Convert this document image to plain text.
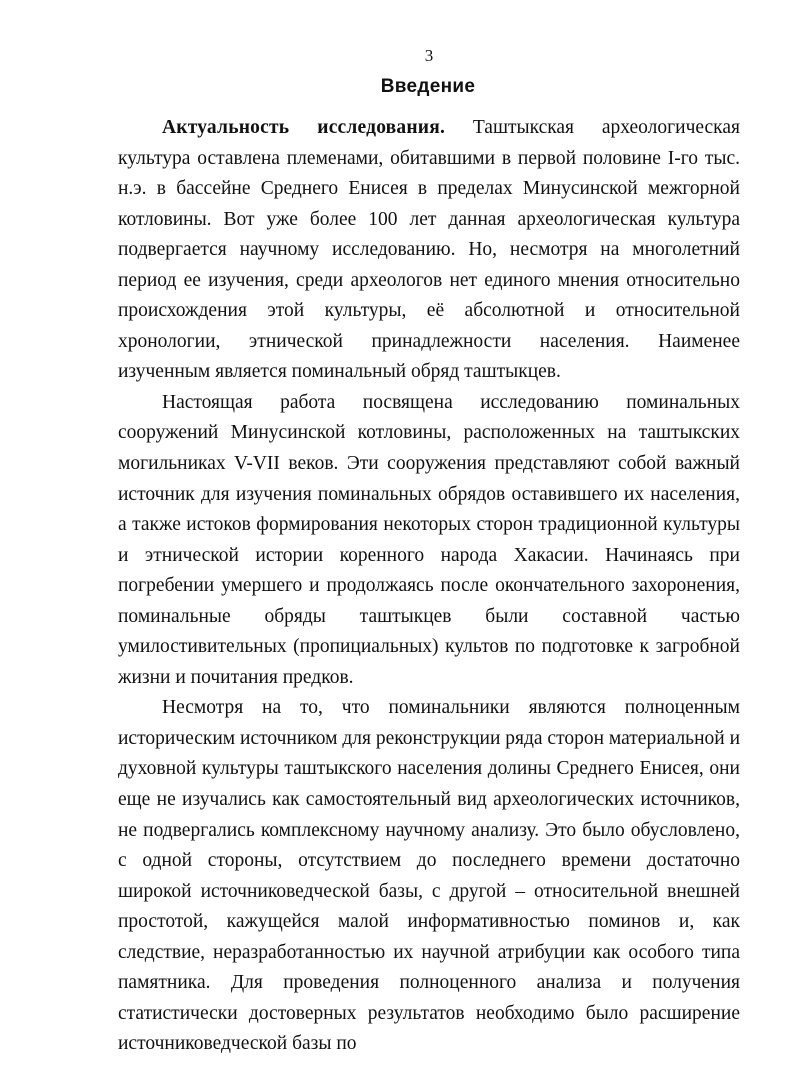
3
Введение

Актуальность исследования. Таштыкская археологическая культура оставлена племенами, обитавшими в первой половине I-го тыс. н.э. в бассейне Среднего Енисея в пределах Минусинской межгорной котловины. Вот уже более 100 лет данная археологическая культура подвергается научному исследованию. Но, несмотря на многолетний период ее изучения, среди археологов нет единого мнения относительно происхождения этой культуры, её абсолютной и относительной хронологии, этнической принадлежности населения. Наименее изученным является поминальный обряд таштыкцев.

Настоящая работа посвящена исследованию поминальных сооружений Минусинской котловины, расположенных на таштыкских могильниках V-VII веков. Эти сооружения представляют собой важный источник для изучения поминальных обрядов оставившего их населения, а также истоков формирования некоторых сторон традиционной культуры и этнической истории коренного народа Хакасии. Начинаясь при погребении умершего и продолжаясь после окончательного захоронения, поминальные обряды таштыкцев были составной частью умилостивительных (пропициальных) культов по подготовке к загробной жизни и почитания предков.

Несмотря на то, что поминальники являются полноценным историческим источником для реконструкции ряда сторон материальной и духовной культуры таштыкского населения долины Среднего Енисея, они еще не изучались как самостоятельный вид археологических источников, не подвергались комплексному научному анализу. Это было обусловлено, с одной стороны, отсутствием до последнего времени достаточно широкой источниковедческой базы, с другой – относительной внешней простотой, кажущейся малой информативностью поминов и, как следствие, неразработанностью их научной атрибуции как особого типа памятника. Для проведения полноценного анализа и получения статистически достоверных результатов необходимо было расширение источниковедческой базы по
